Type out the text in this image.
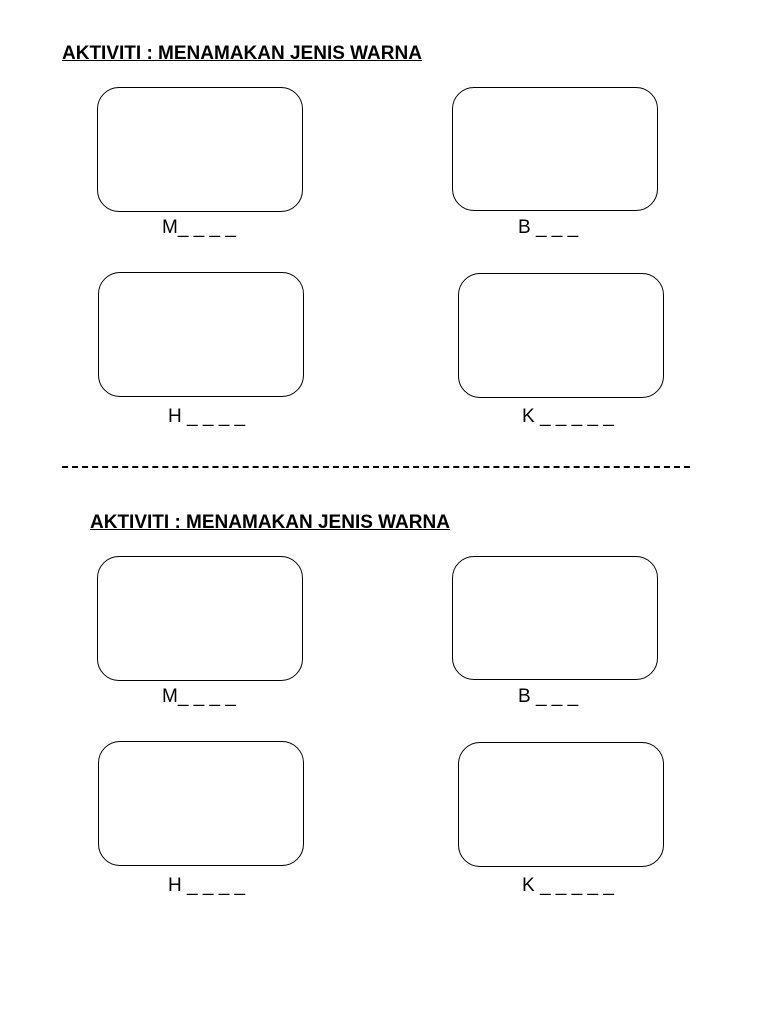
AKTIVITI : MENAMAKAN JENIS WARNA
M_ _ _ _	B _ _ _
H _ _ _ _	K _ _ _ _ _
AKTIVITI : MENAMAKAN JENIS WARNA
M_ _ _ _	B _ _ _
H _ _ _ _	K _ _ _ _ _
